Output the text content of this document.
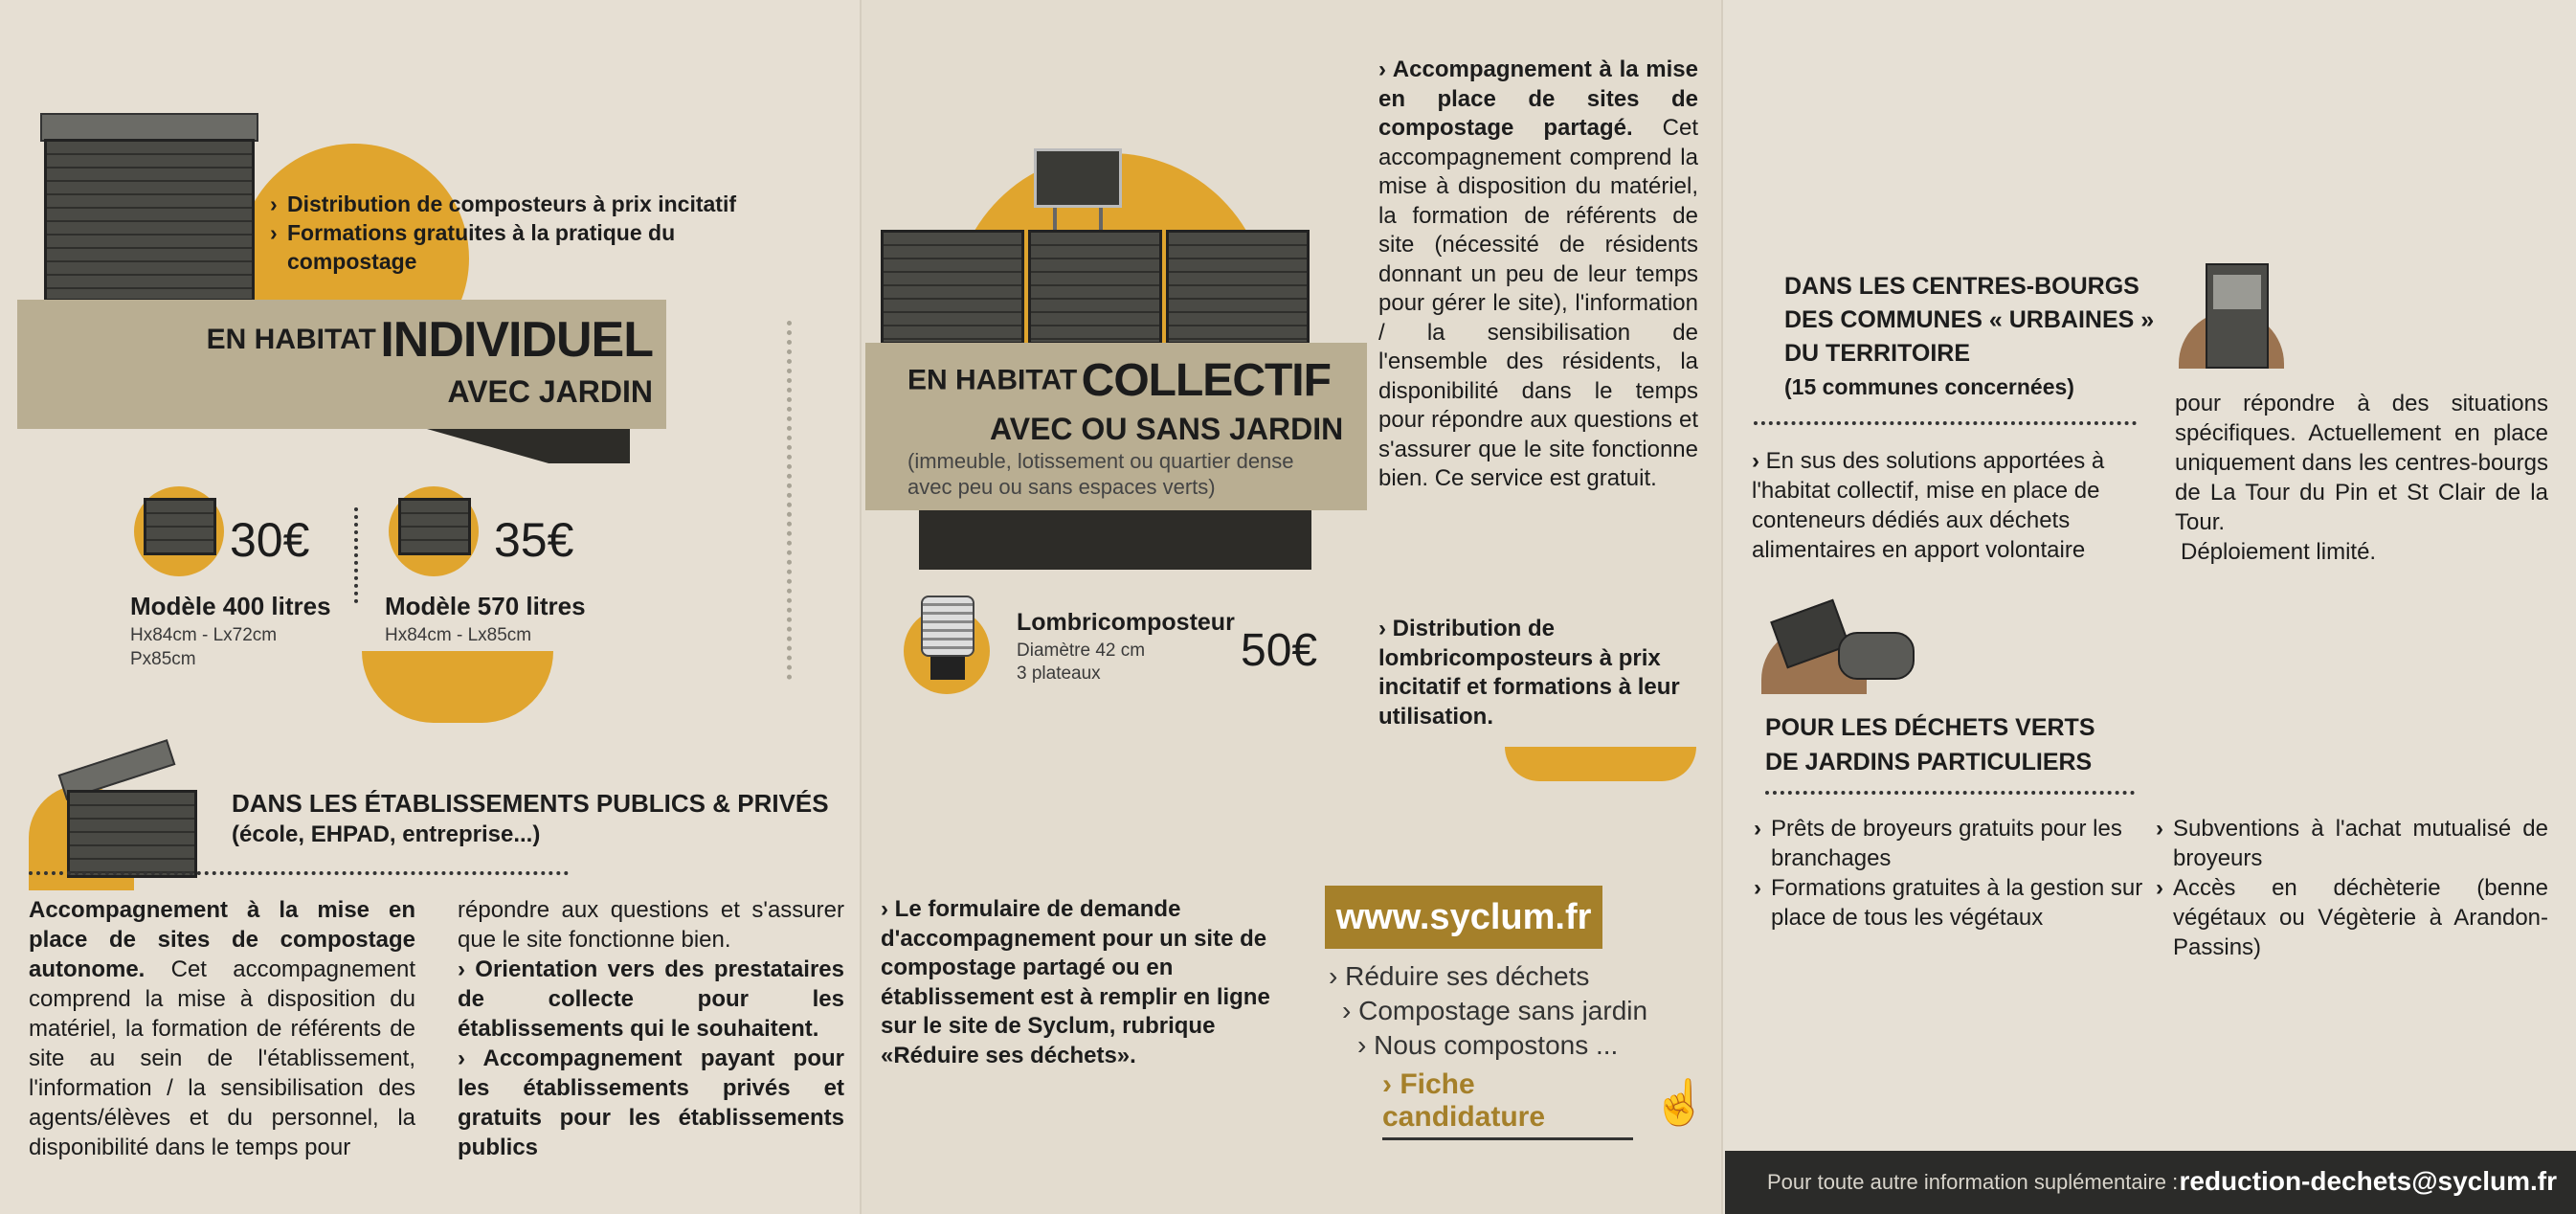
› Distribution de composteurs à prix incitatif
› Formations gratuites à la pratique du compostage
EN HABITAT INDIVIDUEL
AVEC JARDIN
30€
Modèle 400 litres
Hx84cm - Lx72cm
Px85cm
35€
Modèle 570 litres
Hx84cm - Lx85cm
DANS LES ÉTABLISSEMENTS PUBLICS & PRIVÉS
(école, EHPAD, entreprise...)
Accompagnement à la mise en place de sites de compostage autonome. Cet accompagnement comprend la mise à disposition du matériel, la formation de référents de site au sein de l'établissement, l'information / la sensibilisation des agents/élèves et du personnel, la disponibilité dans le temps pour
répondre aux questions et s'assurer que le site fonctionne bien.
› Orientation vers des prestataires de collecte pour les établissements qui le souhaitent.
› Accompagnement payant pour les établissements privés et gratuits pour les établissements publics
EN HABITAT COLLECTIF
AVEC OU SANS JARDIN
(immeuble, lotissement ou quartier dense avec peu ou sans espaces verts)
Lombricomposteur
Diamètre 42 cm
3 plateaux	50€
› Accompagnement à la mise en place de sites de compostage partagé. Cet accompagnement comprend la mise à disposition du matériel, la formation de référents de site (nécessité de résidents donnant un peu de leur temps pour gérer le site), l'information / la sensibilisation de l'ensemble des résidents, la disponibilité dans le temps pour répondre aux questions et s'assurer que le site fonctionne bien. Ce service est gratuit.
› Distribution de lombricomposteurs à prix incitatif et formations à leur utilisation.
› Le formulaire de demande d'accompagnement pour un site de compostage partagé ou en établissement est à remplir en ligne sur le site de Syclum, rubrique «Réduire ses déchets».
www.syclum.fr
› Réduire ses déchets
› Compostage sans jardin
› Nous compostons ...
› Fiche candidature	☝
DANS LES CENTRES-BOURGS
DES COMMUNES « URBAINES »
DU TERRITOIRE
(15 communes concernées)
› En sus des solutions apportées à l'habitat collectif, mise en place de conteneurs dédiés aux déchets alimentaires en apport volontaire
pour répondre à des situations spécifiques. Actuellement en place uniquement dans les centres-bourgs de La Tour du Pin et St Clair de la Tour.
Déploiement limité.
POUR LES DÉCHETS VERTS
DE JARDINS PARTICULIERS
› Prêts de broyeurs gratuits pour les branchages
› Formations gratuites à la gestion sur place de tous les végétaux
› Subventions à l'achat mutualisé de broyeurs
› Accès en déchèterie (benne végétaux ou Végèterie à Arandon-Passins)
Pour toute autre information suplémentaire : reduction-dechets@syclum.fr
